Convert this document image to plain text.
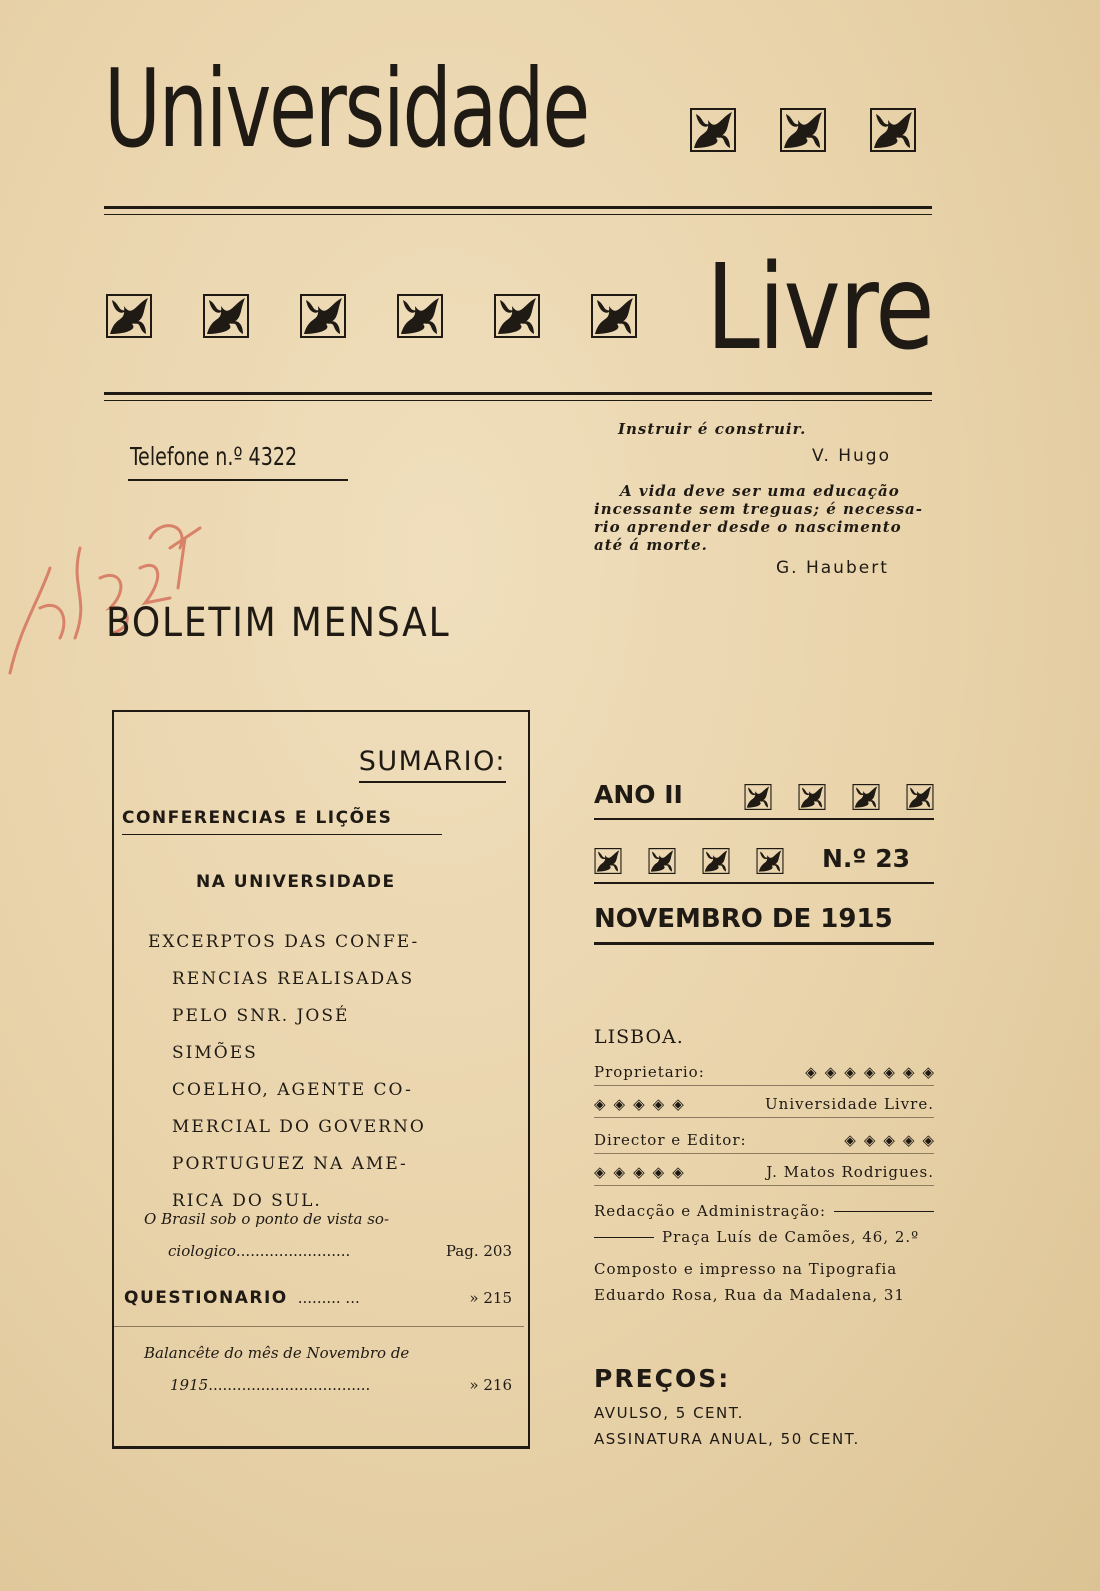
Universidade
Livre
Telefone n.º 4322
Instruir é construir.
V. Hugo
A vida deve ser uma educação
incessante sem treguas; é necessa-
rio aprender desde o nascimento
até á morte.
G. Haubert
Sep. 2377
BOLETIM MENSAL
SUMARIO:
CONFERENCIAS E LIÇÕES
NA UNIVERSIDADE
EXCERPTOS DAS CONFE-
RENCIAS REALISADAS
PELO SNR. JOSÉ SIMÕES
COELHO, AGENTE CO-
MERCIAL DO GOVERNO
PORTUGUEZ NA AME-
RICA DO SUL.
O Brasil sob o ponto de vista so-
ciologico ........................	Pag. 203
QUESTIONARIO ......... ...	» 215
Balancête do mês de Novembro de
1915 ..................................	» 216
ANO II
N.º 23
NOVEMBRO DE 1915
LISBOA.
Proprietario:	◈ ◈ ◈ ◈ ◈ ◈ ◈
◈ ◈ ◈ ◈ ◈	Universidade Livre.
Director e Editor:	◈ ◈ ◈ ◈ ◈
◈ ◈ ◈ ◈ ◈	J. Matos Rodrigues.
Redacção e Administração:
Praça Luís de Camões, 46, 2.º
Composto e impresso na Tipografia
Eduardo Rosa, Rua da Madalena, 31
PREÇOS:
AVULSO, 5 CENT.
ASSINATURA ANUAL, 50 CENT.
